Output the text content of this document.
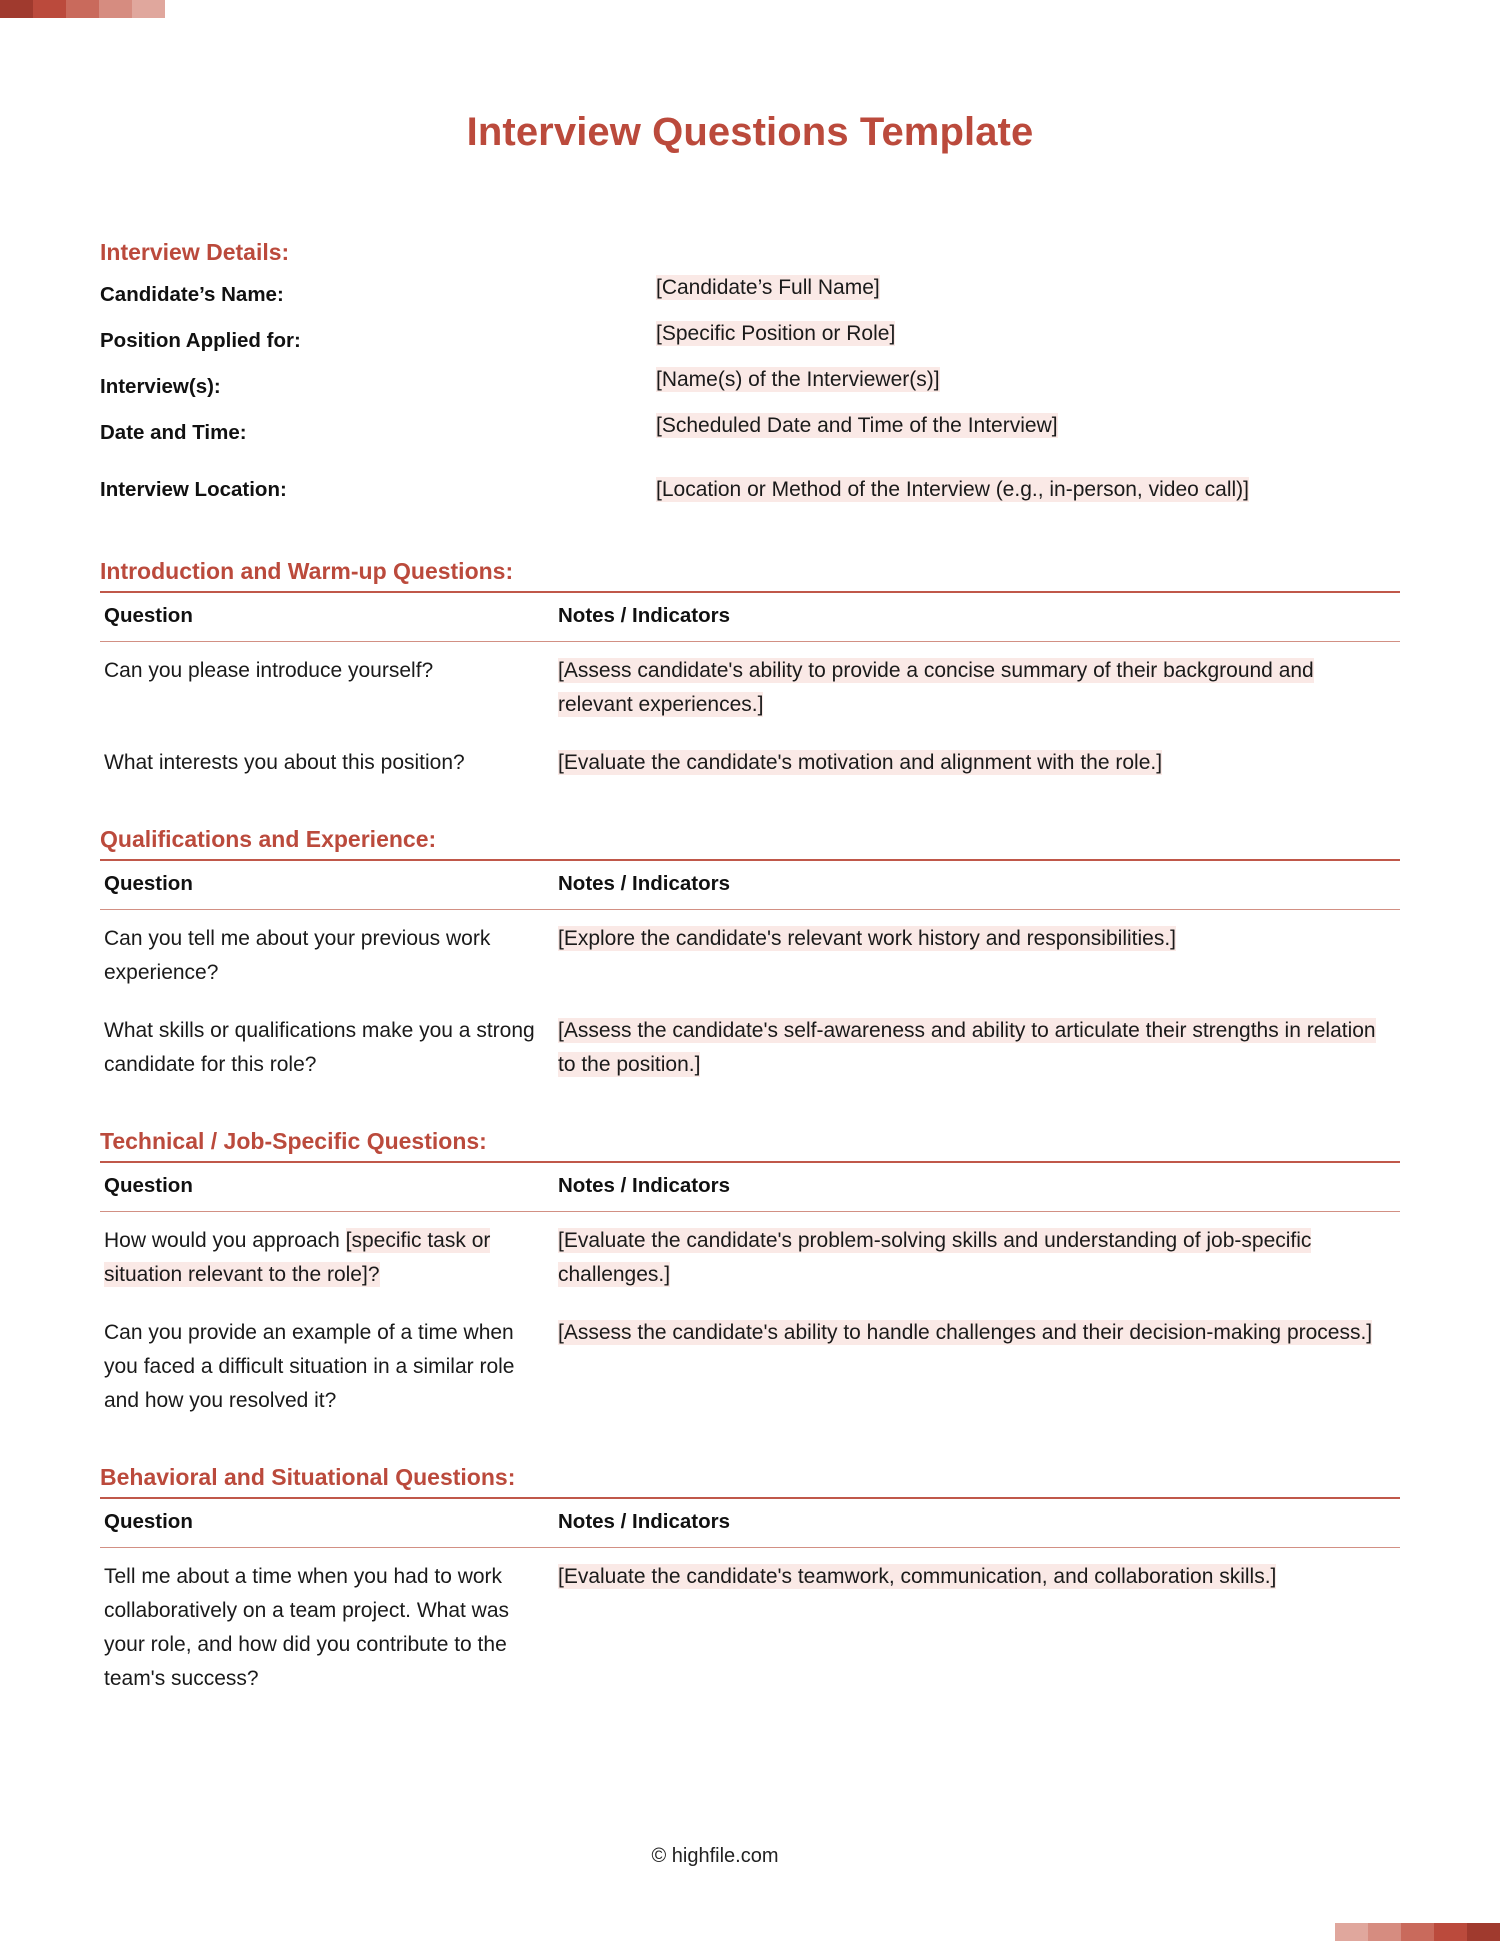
Interview Questions Template
Interview Details:
Candidate’s Name:	[Candidate’s Full Name]
Position Applied for:	[Specific Position or Role]
Interview(s):	[Name(s) of the Interviewer(s)]
Date and Time:	[Scheduled Date and Time of the Interview]
Interview Location:	[Location or Method of the Interview (e.g., in-person, video call)]
Introduction and Warm-up Questions:
Question	Notes / Indicators
Can you please introduce yourself?	[Assess candidate's ability to provide a concise summary of their background and relevant experiences.]
What interests you about this position?	[Evaluate the candidate's motivation and alignment with the role.]
Qualifications and Experience:
Question	Notes / Indicators
Can you tell me about your previous work experience?	[Explore the candidate's relevant work history and responsibilities.]
What skills or qualifications make you a strong candidate for this role?	[Assess the candidate's self-awareness and ability to articulate their strengths in relation to the position.]
Technical / Job-Specific Questions:
Question	Notes / Indicators
How would you approach [specific task or situation relevant to the role]?	[Evaluate the candidate's problem-solving skills and understanding of job-specific challenges.]
Can you provide an example of a time when you faced a difficult situation in a similar role and how you resolved it?	[Assess the candidate's ability to handle challenges and their decision-making process.]
Behavioral and Situational Questions:
Question	Notes / Indicators
Tell me about a time when you had to work collaboratively on a team project. What was your role, and how did you contribute to the team's success?	[Evaluate the candidate's teamwork, communication, and collaboration skills.]
© highfile.com
